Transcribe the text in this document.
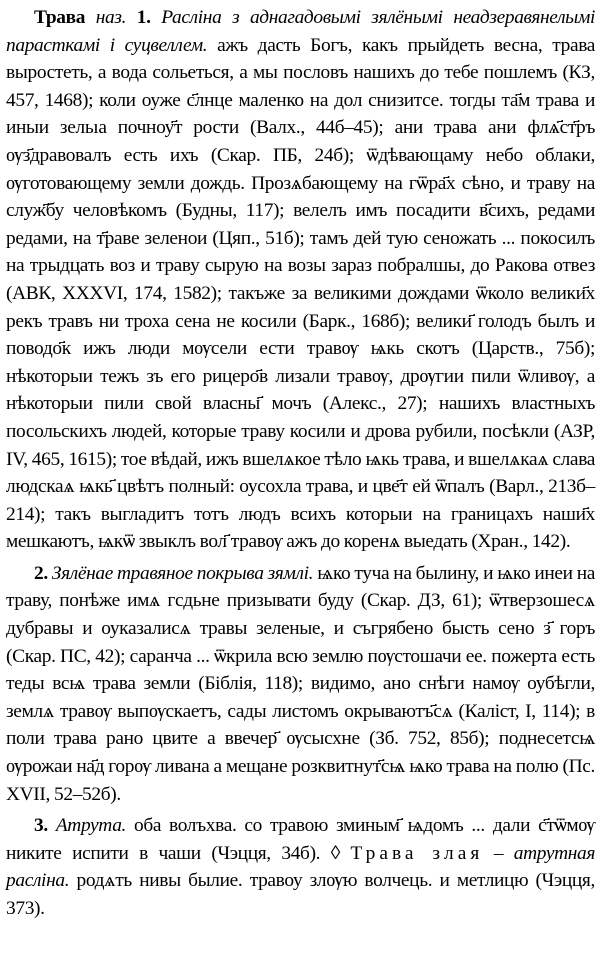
Трава наз. 1. Расліна з аднагадовымі зялёнымі неадзеравянелымі парасткамі і суцвеллем. ажъ дасть Богъ, какъ прыйдеть весна, трава выростеть, а вода сольеться, а мы пословъ нашихъ до тебе пошлемъ (КЗ, 457, 1468); коли оуже с҃лнце маленко на дол снизитсе. тогды та҃м трава и иныи зельıа почноу҃т рости (Валх., 44б–45); ани трава ани флѧ҃ст҃ръ ѹз҃дравовалъ есть ихъ (Скар. ПБ, 24б); ѿдѣвающаму небо облаки, ѹготовающему земли дождь. Прозѧбающему на гѿра҃х сѣно, и траву на служ҃бу человѣкомъ (Будны, 117); велелъ имъ посадити в҃сихъ, редами редами, на т҃раве зеленои (Цяп., 51б); тамъ дей тую сеножать ... покосилъ на трыдцать воз и траву сырую на возы зараз побралшы, до Ракова отвез (АВК, XXXVI, 174, 1582); такъже за великими дождами ѿколо велики҃х рекъ травъ ни троха сена не косили (Барк., 168б); велики҃ голодъ былъ и поводо҃к ижъ люди мѹсели ести травѹ ѩкь скотъ (Царств., 75б); нѣкоторыи тежъ зъ его рицеро҃в лизали травѹ, дрѹгии пили ѿливѹ, а нѣкоторыи пили свой власны҃ мочъ (Алекс., 27); нашихъ властныхъ посольскихъ людей, которые траву косили и дрова рубили, посѣкли (АЗР, IV, 465, 1615); тое вѣдай, ижъ вшелѧкое тѣло ѩкь трава, и вшелѧкаѧ слава людскаѧ ѩкь҃ цвѣтъ полный: оусохла трава, и цве҃т ей ѿпалъ (Варл., 213б–214); такъ выгладитъ тотъ людъ всихъ которыи на границахъ наши҃х мешкаютъ, ѩкѿ звыклъ вол҃ травѹ ажъ до коренѧ выедать (Хран., 142).

2. Зялёнае травяное покрыва зямлі. ѩко туча на былину, и ѩко инеи на траву, понѣже имѧ гсдьне призывати буду (Скар. ДЗ, 61); ѿтверзошесѧ дубравы и оуказалисѧ травы зеленые, и съгрябено бысть сено з҃ горъ (Скар. ПС, 42); саранча ... ѿкрила всю землю пѹстошачи ее. пожерта есть теды всѩ трава земли (Біблія, 118); видимо, ано снѣги намѹ оубѣгли, землѧ травѹ выпѹскаетъ, сады листомъ окрываютъ҃сѧ (Каліст, I, 114); в поли трава рано цвите а ввечер҃ ѹсысхне (Зб. 752, 85б); поднесетсѩ ѹрожаи на҃д горѹ ливана а мещане розквитнут҃сѩ ѩко трава на полю (Пс. XVII, 52–52б).

3. Атрута. оба волъхва. со травою зминым҃ ѩдомъ ... дали с҃тѿмѹ никите испити в чаши (Чэцця, 34б). ◊ Трава злая – атрутная расліна. родѧть нивы былие. травоу злѹю волчець. и метлицю (Чэцця, 373).
